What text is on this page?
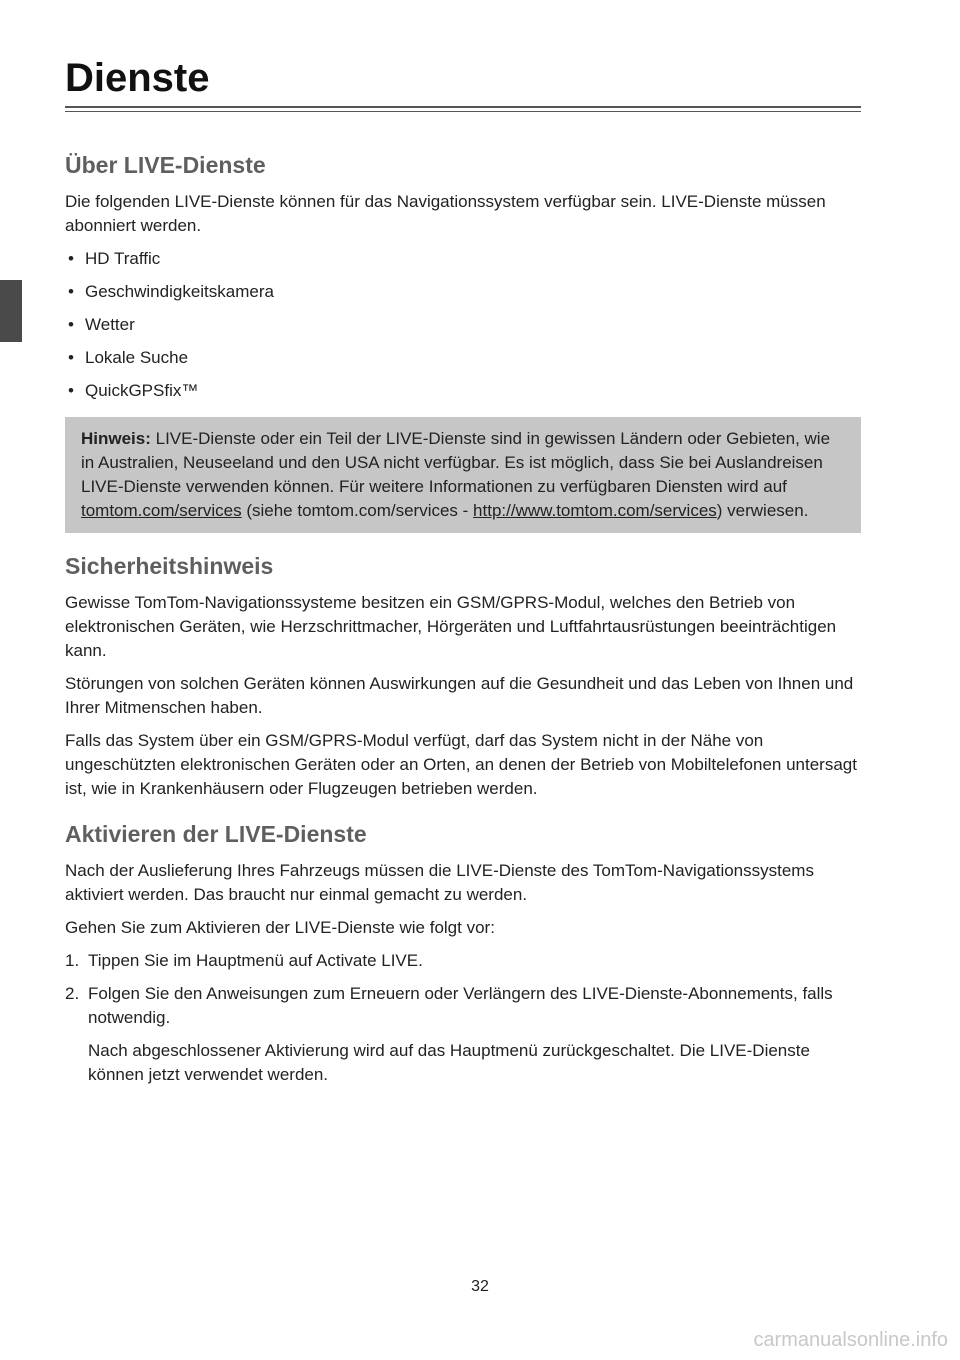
Dienste
Über LIVE-Dienste

Die folgenden LIVE-Dienste können für das Navigationssystem verfügbar sein. LIVE-Dienste müssen abonniert werden.

• HD Traffic
• Geschwindigkeitskamera
• Wetter
• Lokale Suche
• QuickGPSfix™

Hinweis: LIVE-Dienste oder ein Teil der LIVE-Dienste sind in gewissen Ländern oder Gebieten, wie in Australien, Neuseeland und den USA nicht verfügbar. Es ist möglich, dass Sie bei Auslandreisen LIVE-Dienste verwenden können. Für weitere Informationen zu verfügbaren Diensten wird auf tomtom.com/services (siehe tomtom.com/services - http://www.tomtom.com/services) verwiesen.

Sicherheitshinweis

Gewisse TomTom-Navigationssysteme besitzen ein GSM/GPRS-Modul, welches den Betrieb von elektronischen Geräten, wie Herzschrittmacher, Hörgeräten und Luftfahrtausrüstungen beeinträchtigen kann.

Störungen von solchen Geräten können Auswirkungen auf die Gesundheit und das Leben von Ihnen und Ihrer Mitmenschen haben.

Falls das System über ein GSM/GPRS-Modul verfügt, darf das System nicht in der Nähe von ungeschützten elektronischen Geräten oder an Orten, an denen der Betrieb von Mobiltelefonen untersagt ist, wie in Krankenhäusern oder Flugzeugen betrieben werden.

Aktivieren der LIVE-Dienste

Nach der Auslieferung Ihres Fahrzeugs müssen die LIVE-Dienste des TomTom-Navigationssystems aktiviert werden. Das braucht nur einmal gemacht zu werden.

Gehen Sie zum Aktivieren der LIVE-Dienste wie folgt vor:

1. Tippen Sie im Hauptmenü auf Activate LIVE.
2. Folgen Sie den Anweisungen zum Erneuern oder Verlängern des LIVE-Dienste-Abonnements, falls notwendig.
Nach abgeschlossener Aktivierung wird auf das Hauptmenü zurückgeschaltet. Die LIVE-Dienste können jetzt verwendet werden.
32
carmanualsonline.info
